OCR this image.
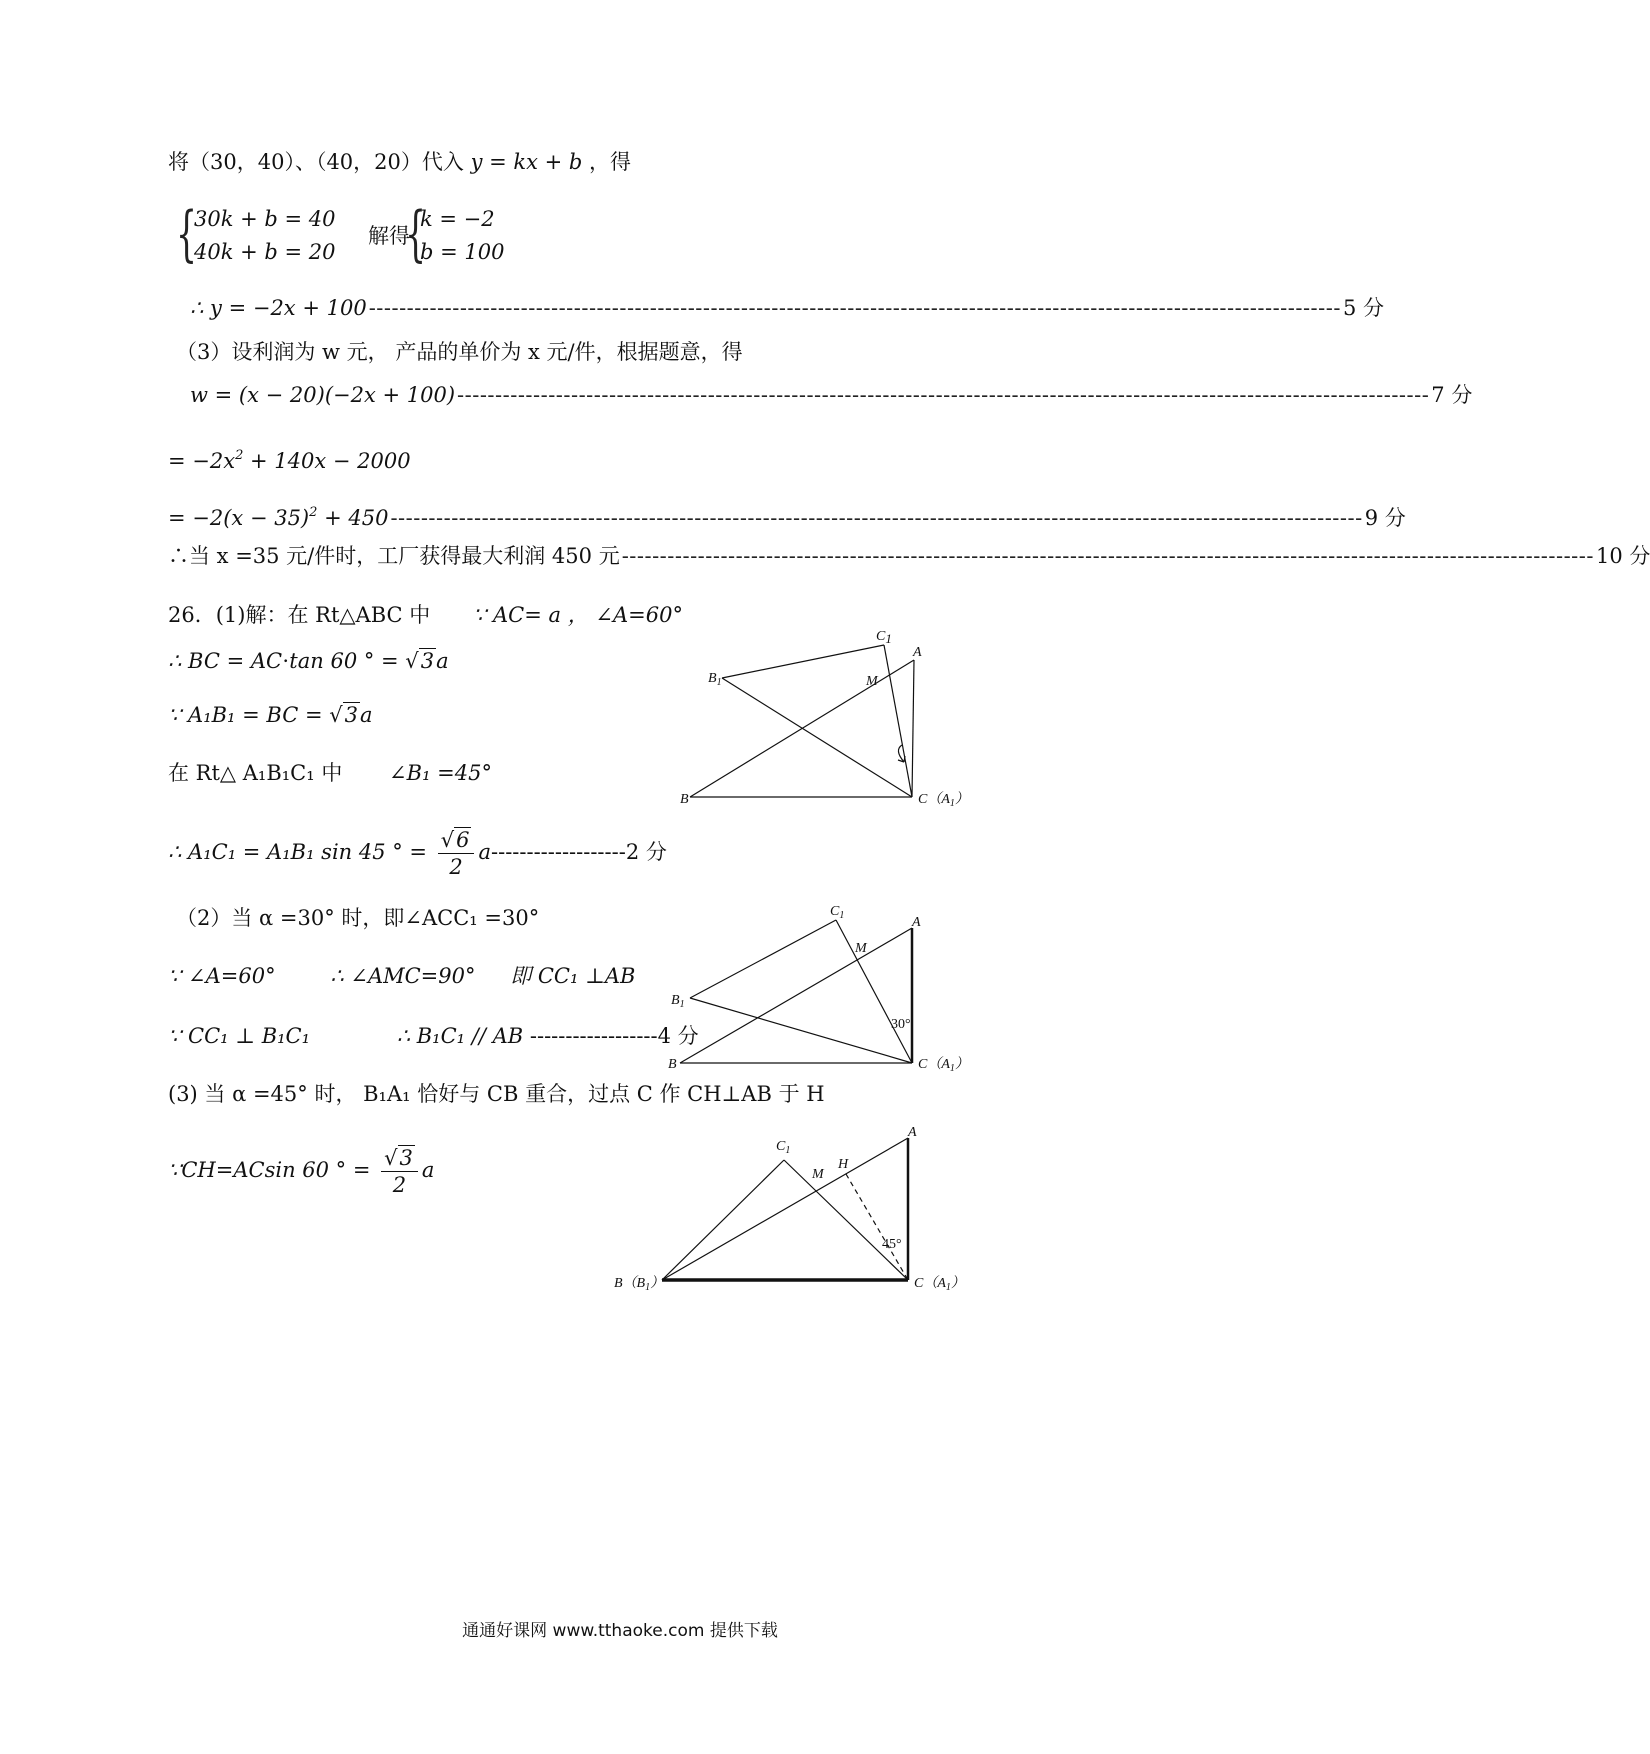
将（30，40）、（40，20）代入 y = kx + b ，得
{
30k + b = 40
40k + b = 20
解得
{
k = −2
b = 100
∴ y = −2x + 100 -------------------------------------------------------------------------------------------------------------------------------- 5 分
（3）设利润为 w 元， 产品的单价为 x 元/件，根据题意，得
w = (x − 20)(−2x + 100) -------------------------------------------------------------------------------------------------------------------------------- 7 分
= $-2x^2 + 140x - 2000$
= $-2(x - 35)^2 + 450$ -------------------------------------------------------------------------------------------------------------------------------- 9 分
∴当 x =35 元/件时，工厂获得最大利润 450 元 -------------------------------------------------------------------------------------------------------------------------------- 10 分
26．(1)解：在 Rt△ABC 中 ∵ AC= a ， ∠A=60°
∴ BC = AC⋅tan 60 ° = √3a
∵ A₁B₁ = BC = √3a
在 Rt△ A₁B₁C₁ 中 ∠B₁ =45°
∴ A₁C₁ = A₁B₁ sin 45 ° = $\frac{√6}{2} a-------------------2$ 分
（2）当 α =30° 时，即∠ACC₁ =30°
∵ ∠A=60°	∴ ∠AMC=90° 即 CC₁ ⊥AB
∵ CC₁ ⊥ B₁C₁	∴ B₁C₁ // AB ------------------4 分
(3) 当 α =45° 时， B₁A₁ 恰好与 CB 重合，过点 C 作 CH⊥AB 于 H
∵CH=ACsin 60 ° = $\frac{√3}{2}$ a
C1
A
$B_1$	M
B	$C(A_1)$
$C_1$	A
M
$B_1$
30°
B	$C(A_1)$
$C_1$
A
H
M
45°
$B(B_1)$	$C(A_1)$
通通好课网 www.tthaoke.com 提供下载
